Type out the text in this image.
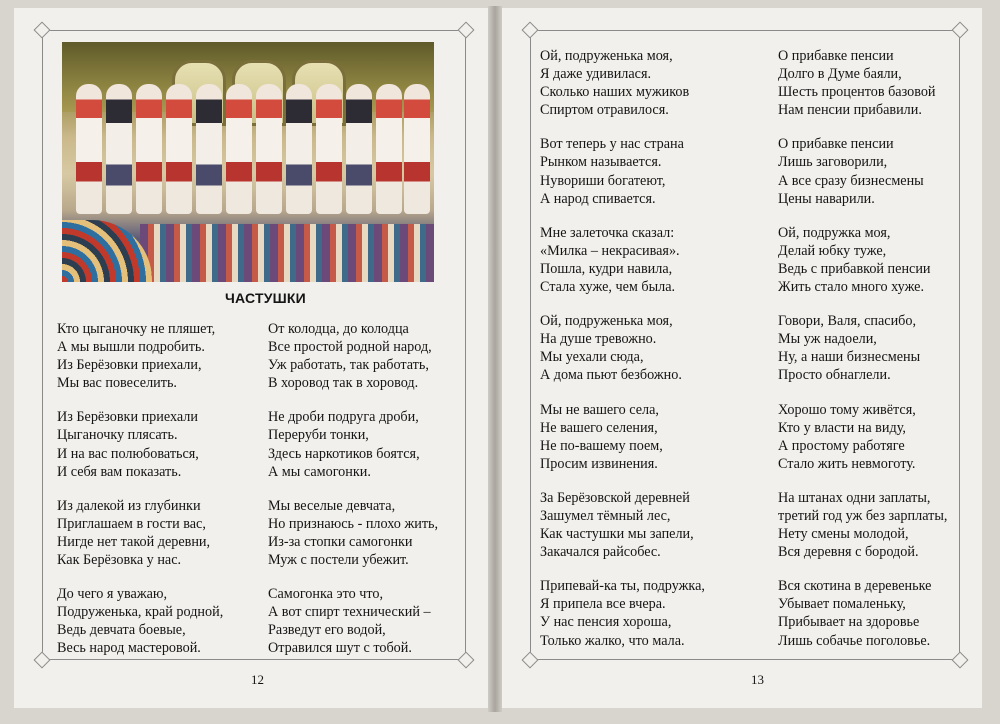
ЧАСТУШКИ
Кто цыганочку не пляшет,
А мы вышли подробить.
Из Берёзовки приехали,
Мы вас повеселить.
Из Берёзовки приехали
Цыганочку плясать.
И на вас полюбоваться,
И себя вам показать.
Из далекой из глубинки
Приглашаем в гости вас,
Нигде нет такой деревни,
Как Берёзовка у нас.
До чего я уважаю,
Подруженька, край родной,
Ведь девчата боевые,
Весь народ мастеровой.
От колодца, до колодца
Все простой родной народ,
Уж работать, так работать,
В хоровод так в хоровод.
Не дроби подруга дроби,
Переруби тонки,
Здесь наркотиков боятся,
А мы самогонки.
Мы веселые девчата,
Но признаюсь - плохо жить,
Из-за стопки самогонки
Муж с постели убежит.
Самогонка это что,
А вот спирт технический –
Разведут его водой,
Отравился шут с тобой.
Ой, подруженька моя,
Я даже удивилася.
Сколько наших мужиков
Спиртом отравилося.
Вот теперь у нас страна
Рынком называется.
Нувориши богатеют,
А народ спивается.
Мне залеточка сказал:
«Милка – некрасивая».
Пошла, кудри навила,
Стала хуже, чем была.
Ой, подруженька моя,
На душе тревожно.
Мы уехали сюда,
А дома пьют безбожно.
Мы не вашего села,
Не вашего селения,
Не по-вашему поем,
Просим извинения.
За Берёзовской деревней
Зашумел тёмный лес,
Как частушки мы запели,
Закачался райсобес.
Припевай-ка ты, подружка,
Я припела все вчера.
У нас пенсия хороша,
Только жалко, что мала.
О прибавке пенсии
Долго в Думе баяли,
Шесть процентов базовой
Нам пенсии прибавили.
О прибавке пенсии
Лишь заговорили,
А все сразу бизнесмены
Цены наварили.
Ой, подружка моя,
Делай юбку туже,
Ведь с прибавкой пенсии
Жить стало много хуже.
Говори, Валя, спасибо,
Мы уж надоели,
Ну, а наши бизнесмены
Просто обнаглели.
Хорошо тому живётся,
Кто у власти на виду,
А простому работяге
Стало жить невмоготу.
На штанах одни заплаты,
третий год уж без зарплаты,
Нету смены молодой,
Вся деревня с бородой.
Вся скотина в деревеньке
Убывает помаленьку,
Прибывает на здоровье
Лишь собачье поголовье.
12	13
